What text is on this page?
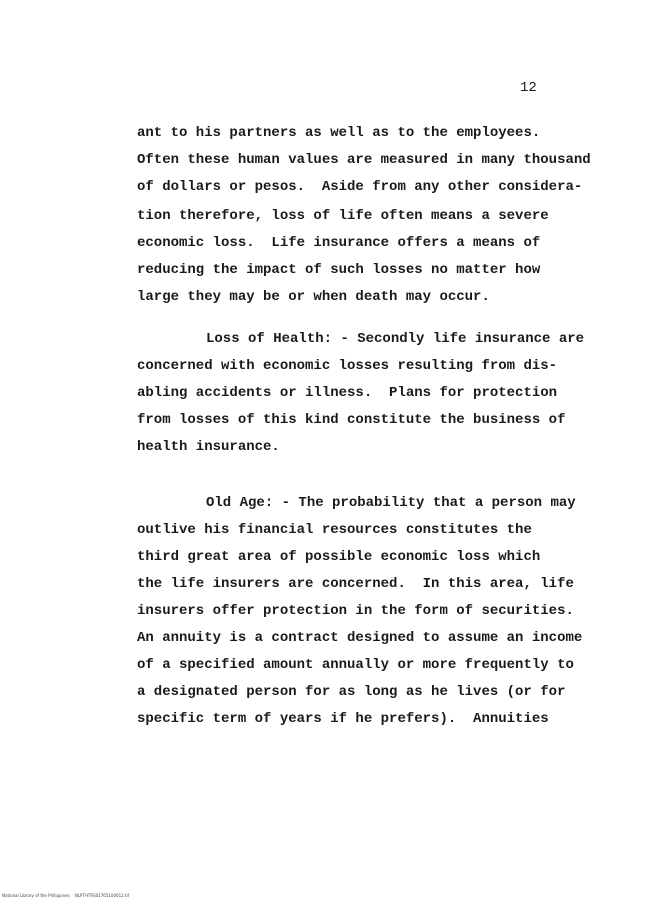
12
ant to his partners as well as to the employees.
Often these human values are measured in many thousand
of dollars or pesos.  Aside from any other considera-
tion therefore, loss of life often means a severe
economic loss.  Life insurance offers a means of
reducing the impact of such losses no matter how
large they may be or when death may occur.
Loss of Health: - Secondly life insurance are
concerned with economic losses resulting from dis-
abling accidents or illness.  Plans for protection
from losses of this kind constitute the business of
health insurance.
Old Age: - The probability that a person may
outlive his financial resources constitutes the
third great area of possible economic loss which
the life insurers are concerned.  In this area, life
insurers offer protection in the form of securities.
An annuity is a contract designed to assume an income
of a specified amount annually or more frequently to
a designated person for as long as he lives (or for
specific term of years if he prefers).  Annuities
National Library of the Philippines NLPTHTRS01765100012.tif
